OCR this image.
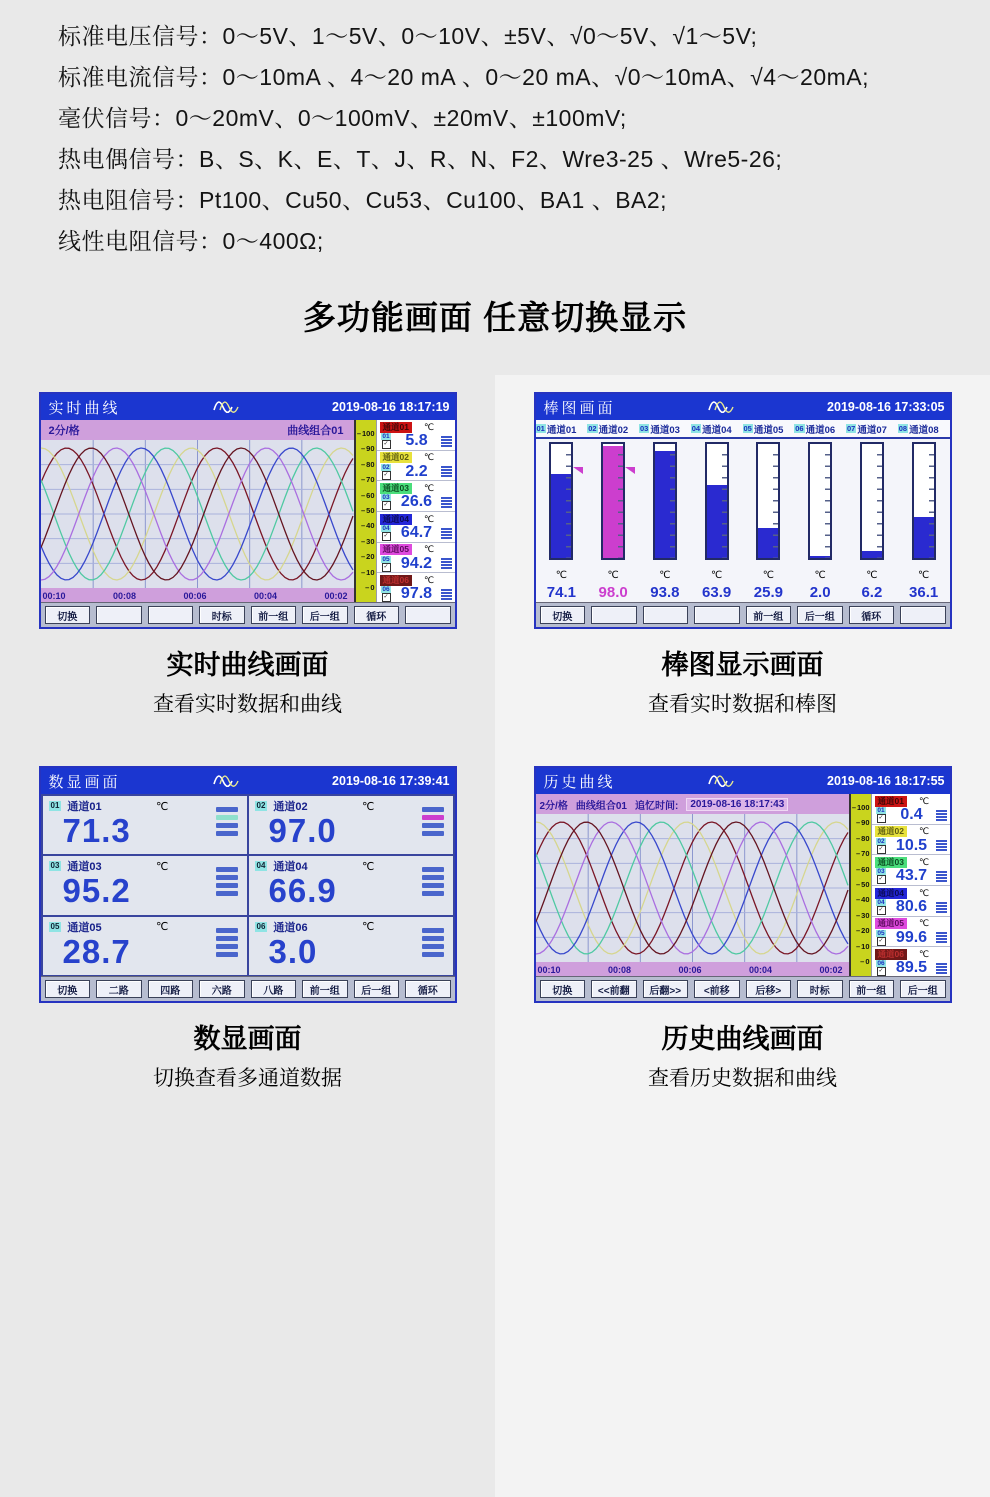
标准电压信号：0～5V、1～5V、0～10V、±5V、√0～5V、√1～5V;
标准电流信号：0～10mA 、4～20 mA 、0～20 mA、√0～10mA、√4～20mA;
毫伏信号：0～20mV、0～100mV、±20mV、±100mV;
热电偶信号：B、S、K、E、T、J、R、N、F2、Wre3-25 、Wre5-26;
热电阻信号：Pt100、Cu50、Cu53、Cu100、BA1 、BA2;
线性电阻信号：0～400Ω;
多功能画面 任意切换显示
实时曲线	2019-08-16 18:17:19
2分/格	曲线组合01
00:10	00:08	00:06	00:04	00:02
– 100
– 90
– 80
– 70
– 60
– 50
– 40
– 30
– 20
– 10
– 0
通道01	℃
01
✓	5.8
通道02	℃
02
✓	2.2
通道03	℃
03
✓ 26.6
通道04	℃
04
✓ 64.7
通道05	℃
05
✓ 94.2
通道06	℃
06
✓ 97.8
切换	时标	前一组	后一组	循环
实时曲线画面
查看实时数据和曲线
数显画面	2019-08-16 17:39:41
01 通道01	℃
71.3
02 通道02	℃
97.0
03 通道03	℃
95.2
04 通道04	℃
66.9
05 通道05	℃
28.7
06 通道06	℃
3.0
切换	二路	四路	六路	八路	前一组	后一组	循环
数显画面
切换查看多通道数据
棒图画面	2019-08-16 17:33:05
01 通道01 02 通道02 03 通道03 04 通道04 05 通道05 06 通道06 07 通道07 08 通道08
℃	℃	℃	℃	℃	℃	℃	℃
74.1	98.0	93.8	63.9	25.9	2.0	6.2	36.1
切换	前一组	后一组	循环
棒图显示画面
查看实时数据和棒图
历史曲线	2019-08-16 18:17:55
2分/格 曲线组合01 追忆时间:	2019-08-16 18:17:43
00:10	00:08	00:06	00:04	00:02
– 100
– 90
– 80
– 70
– 60
– 50
– 40
– 30
– 20
– 10
– 0
通道01	℃
01
✓	0.4
通道02	℃
02
✓ 10.5
通道03	℃
03
✓ 43.7
通道04	℃
04
✓ 80.6
通道05	℃
05
✓ 99.6
通道06	℃
06
✓ 89.5
切换	<<前翻	后翻>>	<前移	后移>	时标	前一组	后一组
历史曲线画面
查看历史数据和曲线
